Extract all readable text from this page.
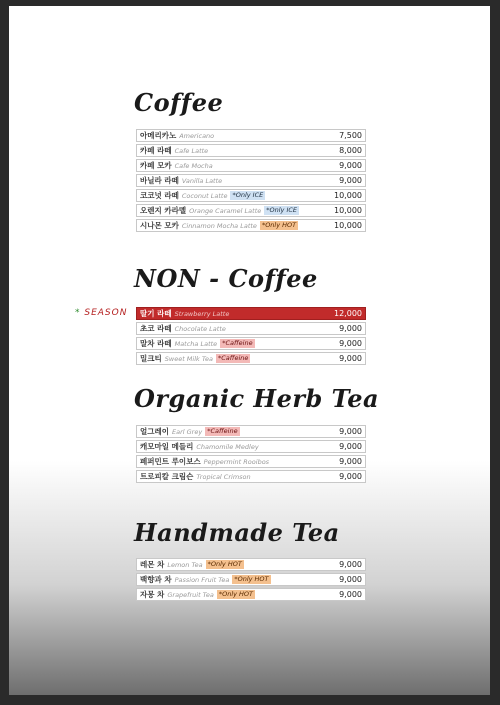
Coffee
아메리카노 Americano	7,500
카페 라떼 Cafe Latte	8,000
카페 모카 Cafe Mocha	9,000
바닐라 라떼 Vanilla Latte	9,000
코코넛 라떼 Coconut Latte *Only ICE	10,000
오렌지 카라멜 Orange Caramel Latte *Only ICE	10,000
시나몬 모카 Cinnamon Mocha Latte *Only HOT	10,000
NON - Coffee
* SEASON 딸기 라떼 Strawberry Latte	12,000
초코 라떼 Chocolate Latte	9,000
말차 라떼 Matcha Latte *Caffeine	9,000
밀크티 Sweet Milk Tea *Caffeine	9,000
Organic Herb Tea
얼그레이 Earl Grey *Caffeine	9,000
캐모마일 메들리 Chamomile Medley	9,000
페퍼민트 루이보스 Peppermint Rooibos	9,000
트로피칼 크림슨 Tropical Crimson	9,000
Handmade Tea
레몬 차 Lemon Tea *Only HOT	9,000
백향과 차 Passion Fruit Tea *Only HOT	9,000
자몽 차 Grapefruit Tea *Only HOT	9,000
